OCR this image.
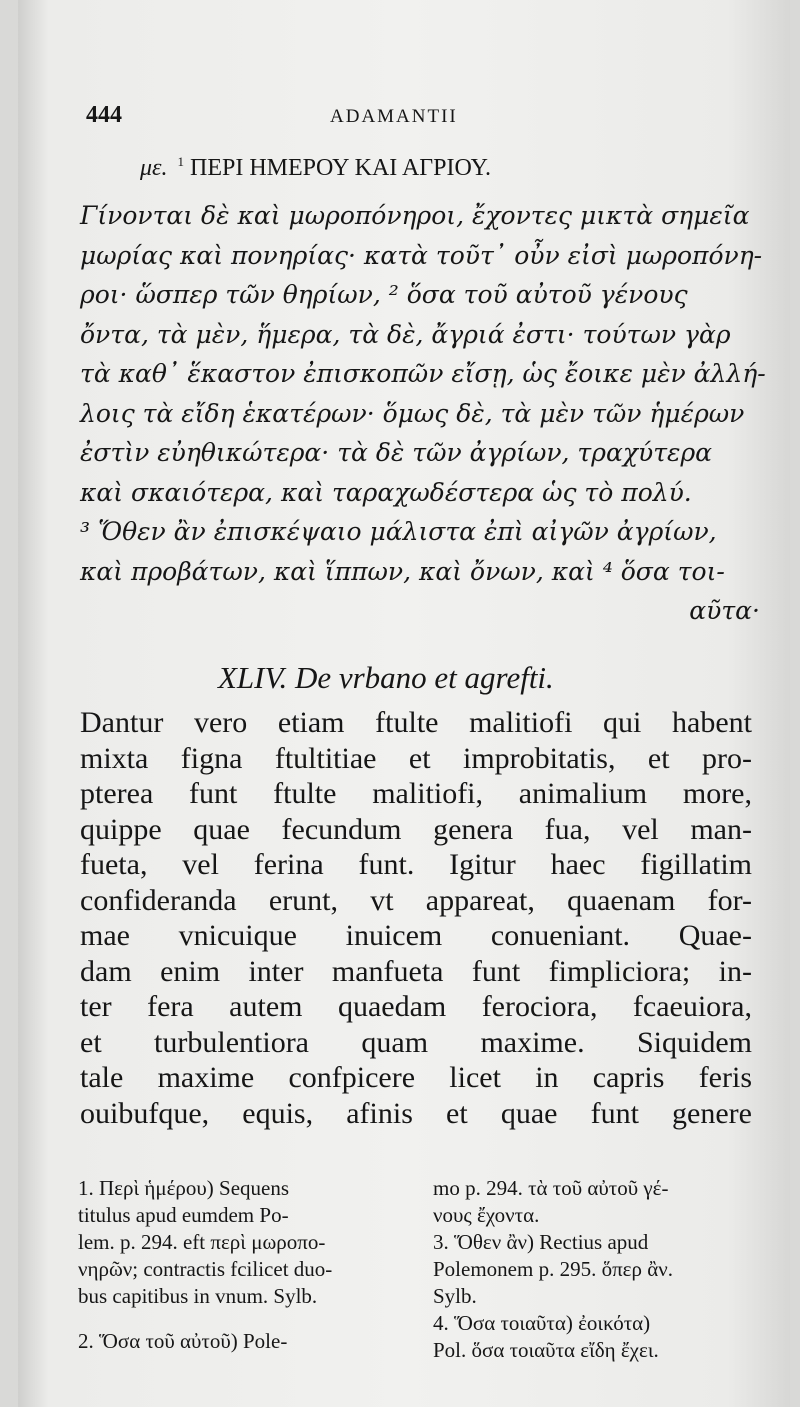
444	ADAMANTII
με. $^1$ ΠΕΡΙ ΗΜΕΡΟΥ ΚΑΙ ΑΓΡΙΟΥ.
Γίνονται δὲ καὶ μωροπόνηροι, ἔχοντες μικτὰ σημεῖα
μωρίας καὶ πονηρίας· κατὰ τοῦτ᾽ οὖν εἰσὶ μωροπόνη-
ροι· ὥσπερ τῶν θηρίων, ² ὅσα τοῦ αὐτοῦ γένους
ὄντα, τὰ μὲν, ἥμερα, τὰ δὲ, ἄγριά ἐστι· τούτων γὰρ
τὰ καθ᾽ ἕκαστον ἐπισκοπῶν εἴσῃ, ὡς ἔοικε μὲν ἀλλή-
λοις τὰ εἴδη ἑκατέρων· ὅμως δὲ, τὰ μὲν τῶν ἡμέρων
ἐστὶν εὐηθικώτερα· τὰ δὲ τῶν ἀγρίων, τραχύτερα
καὶ σκαιότερα, καὶ ταραχωδέστερα ὡς τὸ πολύ.
³ Ὅθεν ἂν ἐπισκέψαιο μάλιστα ἐπὶ αἰγῶν ἀγρίων,
καὶ προβάτων, καὶ ἵππων, καὶ ὄνων, καὶ ⁴ ὅσα τοι-
αῦτα·
XLIV. De vrbano et agrefti.
Dantur vero etiam ftulte malitiofi qui habent
mixta figna ftultitiae et improbitatis, et pro-
pterea funt ftulte malitiofi, animalium more,
quippe quae fecundum genera fua, vel man-
fueta, vel ferina funt. Igitur haec figillatim
confideranda erunt, vt appareat, quaenam for-
mae vnicuique inuicem conueniant. Quae-
dam enim inter manfueta funt fimpliciora; in-
ter fera autem quaedam ferociora, fcaeuiora,
et turbulentiora quam maxime. Siquidem
tale maxime confpicere licet in capris feris
ouibufque, equis, afinis et quae funt genere
1. Περὶ ἡμέρου) Sequens
titulus apud eumdem Po-
lem. p. 294. eft περὶ μωροπο-
νηρῶν; contractis fcilicet duo-
bus capitibus in vnum. Sylb.
2. Ὅσα τοῦ αὐτοῦ) Pole-
mo p. 294. τὰ τοῦ αὐτοῦ γέ-
νους ἔχοντα.
3. Ὅθεν ἂν) Rectius apud
Polemonem p. 295. ὅπερ ἂν.
Sylb.
4. Ὅσα τοιαῦτα) ἐοικότα)
Pol. ὅσα τοιαῦτα εἴδη ἔχει.
